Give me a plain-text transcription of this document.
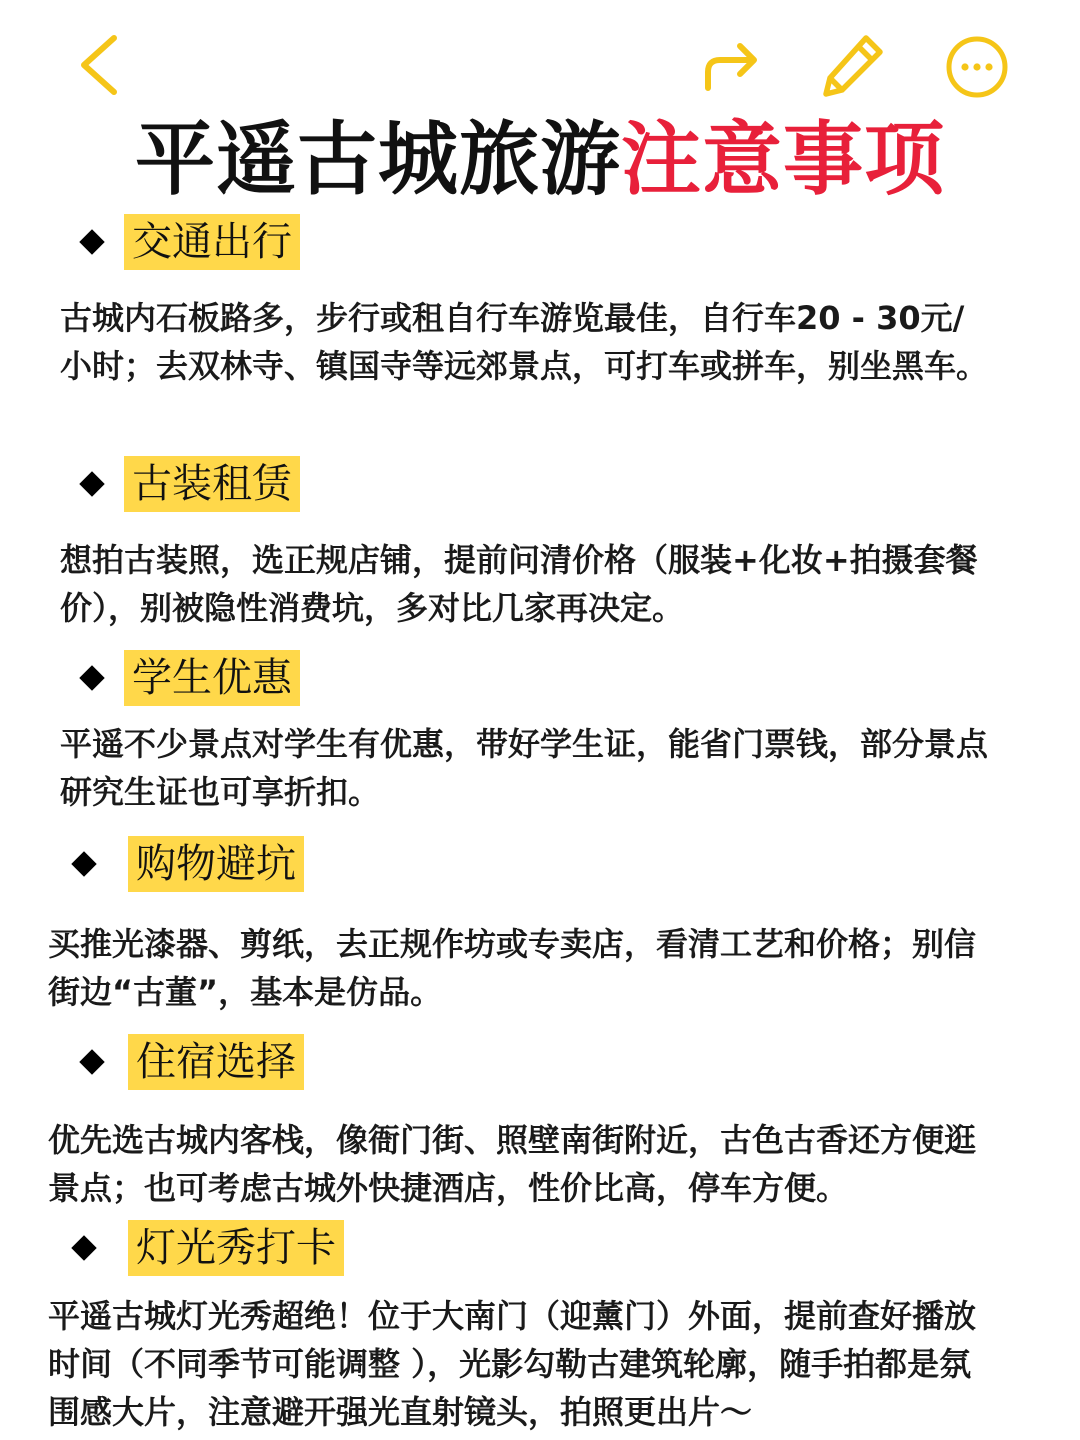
平遥古城旅游注意事项
交通出行

古城内石板路多，步行或租自行车游览最佳，自行车20 - 30元/小时；去双林寺、镇国寺等远郊景点，可打车或拼车，别坐黑车。

古装租赁

想拍古装照，选正规店铺，提前问清价格（服装+化妆+拍摄套餐价），别被隐性消费坑，多对比几家再决定。

学生优惠

平遥不少景点对学生有优惠，带好学生证，能省门票钱，部分景点研究生证也可享折扣。

购物避坑

买推光漆器、剪纸，去正规作坊或专卖店，看清工艺和价格；别信街边“古董”，基本是仿品。

住宿选择

优先选古城内客栈，像衙门街、照壁南街附近，古色古香还方便逛景点；也可考虑古城外快捷酒店，性价比高，停车方便。

灯光秀打卡

平遥古城灯光秀超绝！位于大南门（迎薰门）外面，提前查好播放时间（不同季节可能调整 ），光影勾勒古建筑轮廓，随手拍都是氛围感大片，注意避开强光直射镜头，拍照更出片～
